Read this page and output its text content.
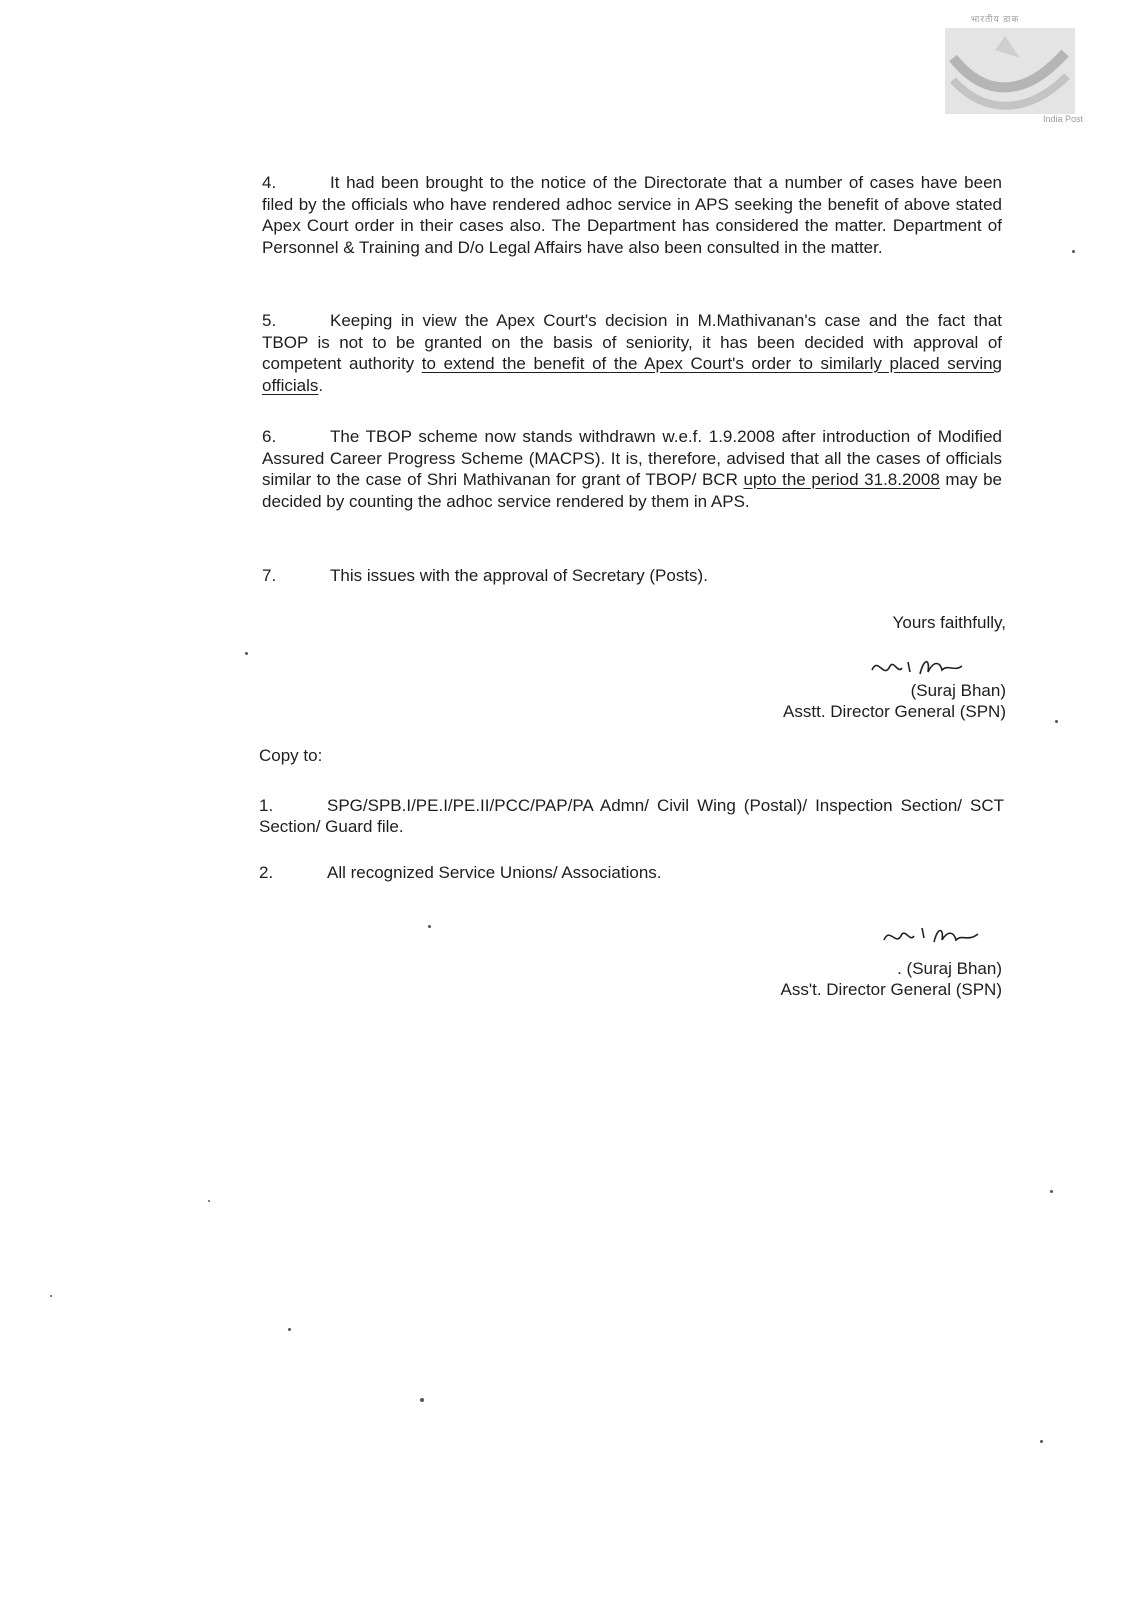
भारतीय डाक
India Post
4.	It had been brought to the notice of the Directorate that a number of cases have been filed by the officials who have rendered adhoc service in APS seeking the benefit of above stated Apex Court order in their cases also. The Department has considered the matter. Department of Personnel & Training and D/o Legal Affairs have also been consulted in the matter.
5.	Keeping in view the Apex Court's decision in M.Mathivanan's case and the fact that TBOP is not to be granted on the basis of seniority, it has been decided with approval of competent authority to extend the benefit of the Apex Court's order to similarly placed serving officials.
6.	The TBOP scheme now stands withdrawn w.e.f. 1.9.2008 after introduction of Modified Assured Career Progress Scheme (MACPS). It is, therefore, advised that all the cases of officials similar to the case of Shri Mathivanan for grant of TBOP/ BCR upto the period 31.8.2008 may be decided by counting the adhoc service rendered by them in APS.
7.	This issues with the approval of Secretary (Posts).
Yours faithfully,
(Suraj Bhan)
Asstt. Director General (SPN)
Copy to:
1.	SPG/SPB.I/PE.I/PE.II/PCC/PAP/PA Admn/ Civil Wing (Postal)/ Inspection Section/ SCT Section/ Guard file.
2.	All recognized Service Unions/ Associations.
. (Suraj Bhan)
Ass't. Director General (SPN)
